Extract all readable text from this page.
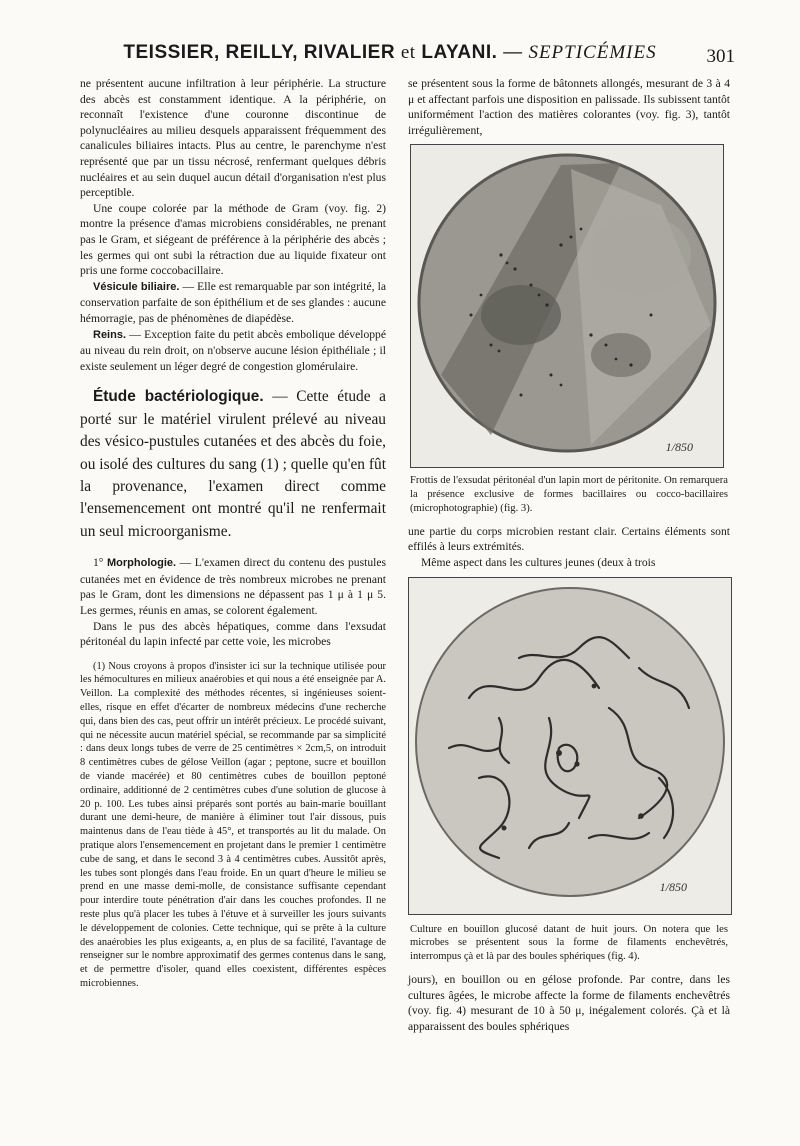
TEISSIER, REILLY, RIVALIER et LAYANI. — SEPTICÉMIES	301

ne présentent aucune infiltration à leur périphérie. La structure des abcès est constamment identique. A la périphérie, on reconnaît l'existence d'une couronne discontinue de polynucléaires au milieu desquels apparaissent fréquemment des canalicules biliaires intacts. Plus au centre, le parenchyme n'est représenté que par un tissu nécrosé, renfermant quelques débris nucléaires et au sein duquel aucun détail d'organisation n'est plus perceptible.

Une coupe colorée par la méthode de Gram (voy. fig. 2) montre la présence d'amas microbiens considérables, ne prenant pas le Gram, et siégeant de préférence à la périphérie des abcès ; les germes qui ont subi la rétraction due au liquide fixateur ont pris une forme coccobacillaire.

Vésicule biliaire. — Elle est remarquable par son intégrité, la conservation parfaite de son épithélium et de ses glandes : aucune hémorragie, pas de phénomènes de diapédèse.

Reins. — Exception faite du petit abcès embolique développé au niveau du rein droit, on n'observe aucune lésion épithéliale ; il existe seulement un léger degré de congestion glomérulaire.

Étude bactériologique. — Cette étude a porté sur le matériel virulent prélevé au niveau des vésico-pustules cutanées et des abcès du foie, ou isolé des cultures du sang (1) ; quelle qu'en fût la provenance, l'examen direct comme l'ensemencement ont montré qu'il ne renfermait un seul microorganisme.

1° Morphologie. — L'examen direct du contenu des pustules cutanées met en évidence de très nombreux microbes ne prenant pas le Gram, dont les dimensions ne dépassent pas 1 μ à 1 μ 5. Les germes, réunis en amas, se colorent également.

Dans le pus des abcès hépatiques, comme dans l'exsudat péritonéal du lapin infecté par cette voie, les microbes

(1) Nous croyons à propos d'insister ici sur la technique utilisée pour les hémocultures en milieux anaérobies et qui nous a été enseignée par A. Veillon. La complexité des méthodes récentes, si ingénieuses soient-elles, risque en effet d'écarter de nombreux médecins d'une recherche qui, dans bien des cas, peut offrir un intérêt précieux. Le procédé suivant, qui ne nécessite aucun matériel spécial, se recommande par sa simplicité : dans deux longs tubes de verre de 25 centimètres × 2cm,5, on introduit 8 centimètres cubes de gélose Veillon (agar ; peptone, sucre et bouillon de viande macérée) et 80 centimètres cubes de bouillon peptoné ordinaire, additionné de 2 centimètres cubes d'une solution de glucose à 20 p. 100. Les tubes ainsi préparés sont portés au bain-marie bouillant durant une demi-heure, de manière à éliminer tout l'air dissous, puis maintenus dans de l'eau tiède à 45°, et transportés au lit du malade. On pratique alors l'ensemencement en projetant dans le premier 1 centimètre cube de sang, et dans le second 3 à 4 centimètres cubes. Aussitôt après, les tubes sont plongés dans l'eau froide. En un quart d'heure le milieu se prend en une masse demi-molle, de consistance suffisante cependant pour interdire toute pénétration d'air dans les couches profondes. Il ne reste plus qu'à placer les tubes à l'étuve et à surveiller les jours suivants le développement de colonies. Cette technique, qui se prête à la culture des anaérobies les plus exigeants, a, en plus de sa facilité, l'avantage de renseigner sur le nombre approximatif des germes contenus dans le sang, et de permettre d'isoler, quand elles coexistent, différentes espèces microbiennes.

se présentent sous la forme de bâtonnets allongés, mesurant de 3 à 4 μ et affectant parfois une disposition en palissade. Ils subissent tantôt uniformément l'action des matières colorantes (voy. fig. 3), tantôt irrégulièrement,

1/850

Frottis de l'exsudat péritonéal d'un lapin mort de péritonite. On remarquera la présence exclusive de formes bacillaires ou cocco-bacillaires (microphotographie) (fig. 3).

une partie du corps microbien restant clair. Certains éléments sont effilés à leurs extrémités.

Même aspect dans les cultures jeunes (deux à trois

1/850

Culture en bouillon glucosé datant de huit jours. On notera que les microbes se présentent sous la forme de filaments enchevêtrés, interrompus çà et là par des boules sphériques (fig. 4).

jours), en bouillon ou en gélose profonde. Par contre, dans les cultures âgées, le microbe affecte la forme de filaments enchevêtrés (voy. fig. 4) mesurant de 10 à 50 μ, inégalement colorés. Çà et là apparaissent des boules sphériques
